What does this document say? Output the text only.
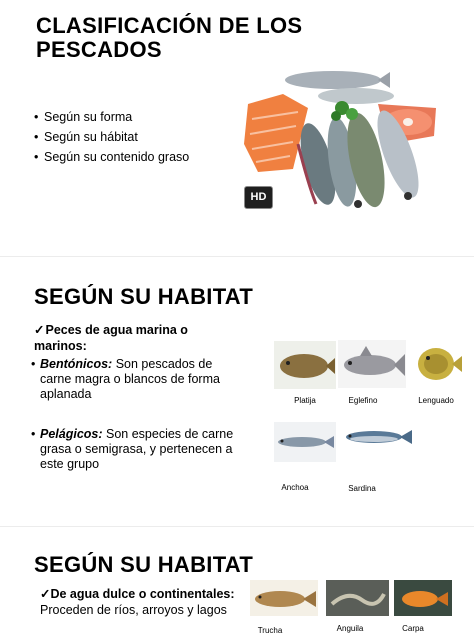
CLASIFICACIÓN DE LOS PESCADOS
• Según su forma
• Según su hábitat
• Según su contenido graso
HD
SEGÚN SU HABITAT
✓Peces de agua marina o marinos:
• Bentónicos: Son pescados de carne magra o blancos de forma aplanada
• Pelágicos: Son especies de carne grasa o semigrasa, y pertenecen a este grupo
Platija	Eglefino	Lenguado
Anchoa	Sardina
SEGÚN SU HABITAT
✓De agua dulce o continentales:
Proceden de ríos, arroyos y lagos
Trucha	Anguila	Carpa
